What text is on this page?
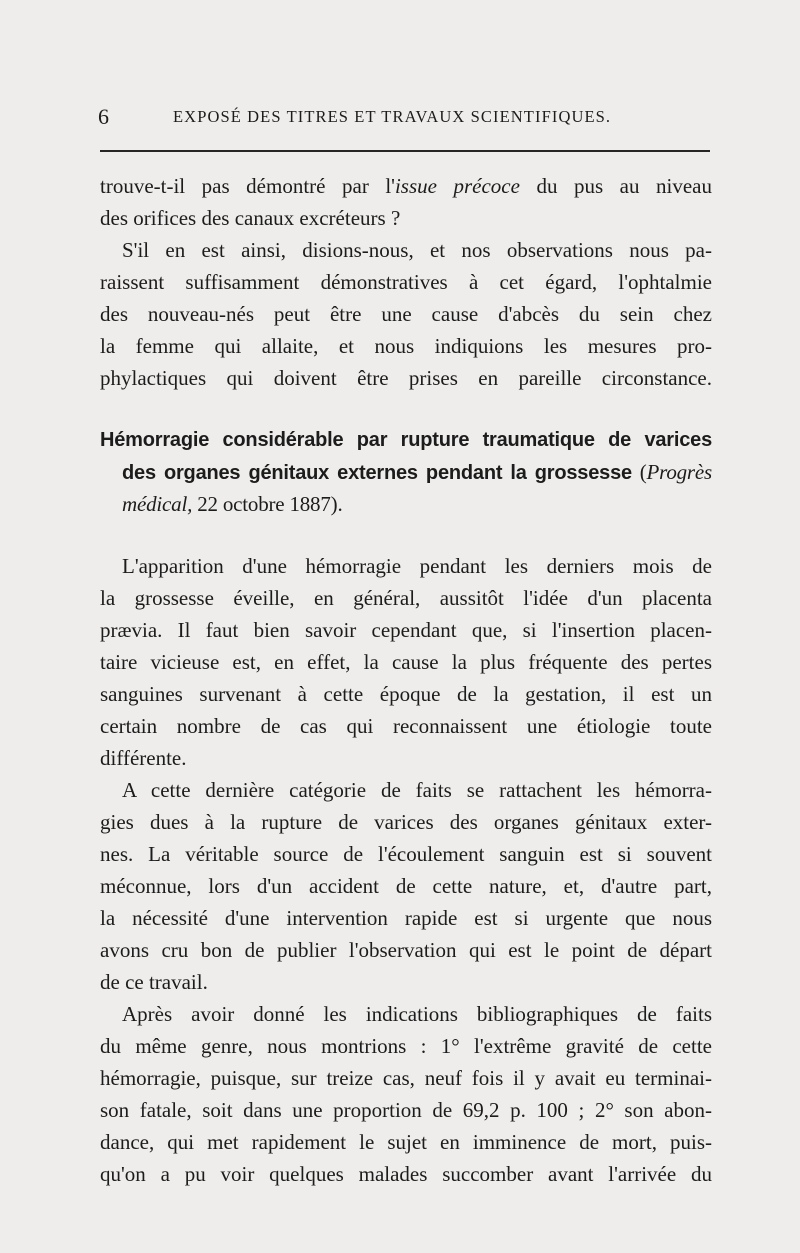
6	EXPOSÉ DES TITRES ET TRAVAUX SCIENTIFIQUES.
trouve-t-il pas démontré par l'issue précoce du pus au niveau
des orifices des canaux excréteurs ?
S'il en est ainsi, disions-nous, et nos observations nous pa-
raissent suffisamment démonstratives à cet égard, l'ophtalmie
des nouveau-nés peut être une cause d'abcès du sein chez
la femme qui allaite, et nous indiquions les mesures pro-
phylactiques qui doivent être prises en pareille circonstance.
Hémorragie considérable par rupture traumatique de varices
des organes génitaux externes pendant la grossesse (Progrès
médical, 22 octobre 1887).
L'apparition d'une hémorragie pendant les derniers mois de
la grossesse éveille, en général, aussitôt l'idée d'un placenta
prævia. Il faut bien savoir cependant que, si l'insertion placen-
taire vicieuse est, en effet, la cause la plus fréquente des pertes
sanguines survenant à cette époque de la gestation, il est un
certain nombre de cas qui reconnaissent une étiologie toute
différente.
A cette dernière catégorie de faits se rattachent les hémorra-
gies dues à la rupture de varices des organes génitaux exter-
nes. La véritable source de l'écoulement sanguin est si souvent
méconnue, lors d'un accident de cette nature, et, d'autre part,
la nécessité d'une intervention rapide est si urgente que nous
avons cru bon de publier l'observation qui est le point de départ
de ce travail.
Après avoir donné les indications bibliographiques de faits
du même genre, nous montrions : 1° l'extrême gravité de cette
hémorragie, puisque, sur treize cas, neuf fois il y avait eu terminai-
son fatale, soit dans une proportion de 69,2 p. 100 ; 2° son abon-
dance, qui met rapidement le sujet en imminence de mort, puis-
qu'on a pu voir quelques malades succomber avant l'arrivée du
